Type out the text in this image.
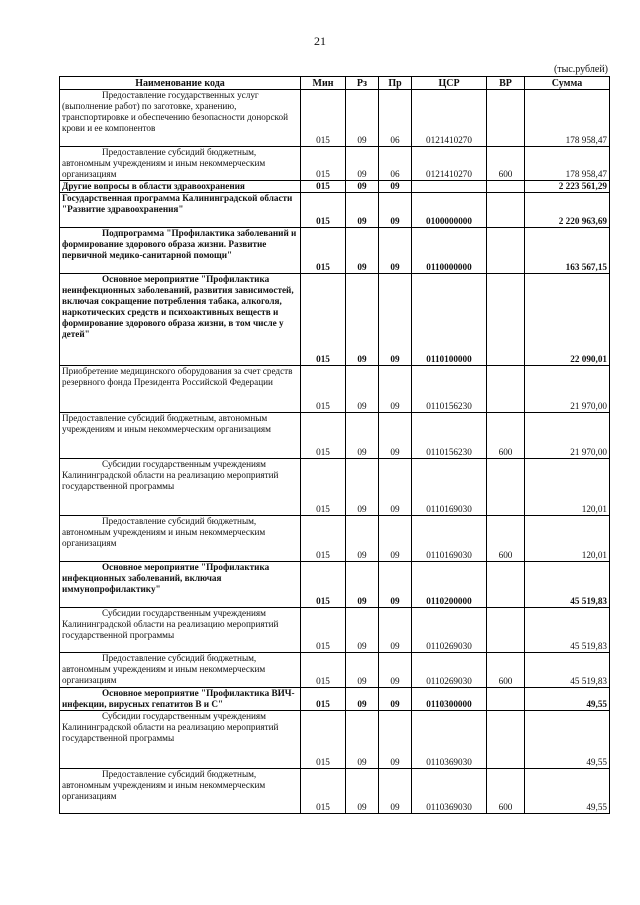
21
(тыс.рублей)
Наименование кода	Мин	Рз	Пр	ЦСР	ВР	Сумма

Предоставление государственных услуг (выполнение работ) по заготовке, хранению, транспортировке и обеспечению безопасности донорской крови и ее компонентов	015	09	06	0121410270		178 958,47

Предоставление субсидий бюджетным, автономным учреждениям и иным некоммерческим организациям	015	09	06	0121410270	600	178 958,47
Другие вопросы в области здравоохранения	015	09	09			2 223 561,29
Государственная программа Калининградской области "Развитие здравоохранения"	015	09	09	0100000000		2 220 963,69

Подпрограмма "Профилактика заболеваний и формирование здорового образа жизни. Развитие первичной медико-санитарной помощи"	015	09	09	0110000000		163 567,15

Основное мероприятие "Профилактика неинфекционных заболеваний, развития зависимостей, включая сокращение потребления табака, алкоголя, наркотических средств и психоактивных веществ и формирование здорового образа жизни, в том числе у детей"	015	09	09	0110100000		22 090,01
Приобретение медицинского оборудования за счет средств резервного фонда Президента Российской Федерации	015	09	09	0110156230		21 970,00
Предоставление субсидий бюджетным, автономным учреждениям и иным некоммерческим организациям	015	09	09	0110156230	600	21 970,00

Субсидии государственным учреждениям Калининградской области на реализацию мероприятий государственной программы	015	09	09	0110169030		120,01

Предоставление субсидий бюджетным, автономным учреждениям и иным некоммерческим организациям	015	09	09	0110169030	600	120,01

Основное мероприятие "Профилактика инфекционных заболеваний, включая иммунопрофилактику"	015	09	09	0110200000		45 519,83

Субсидии государственным учреждениям Калининградской области на реализацию мероприятий государственной программы	015	09	09	0110269030		45 519,83

Предоставление субсидий бюджетным, автономным учреждениям и иным некоммерческим организациям	015	09	09	0110269030	600	45 519,83

Основное мероприятие "Профилактика ВИЧ-инфекции, вирусных гепатитов В и С"	015	09	09	0110300000		49,55

Субсидии государственным учреждениям Калининградской области на реализацию мероприятий государственной программы	015	09	09	0110369030		49,55

Предоставление субсидий бюджетным, автономным учреждениям и иным некоммерческим организациям	015	09	09	0110369030	600	49,55
